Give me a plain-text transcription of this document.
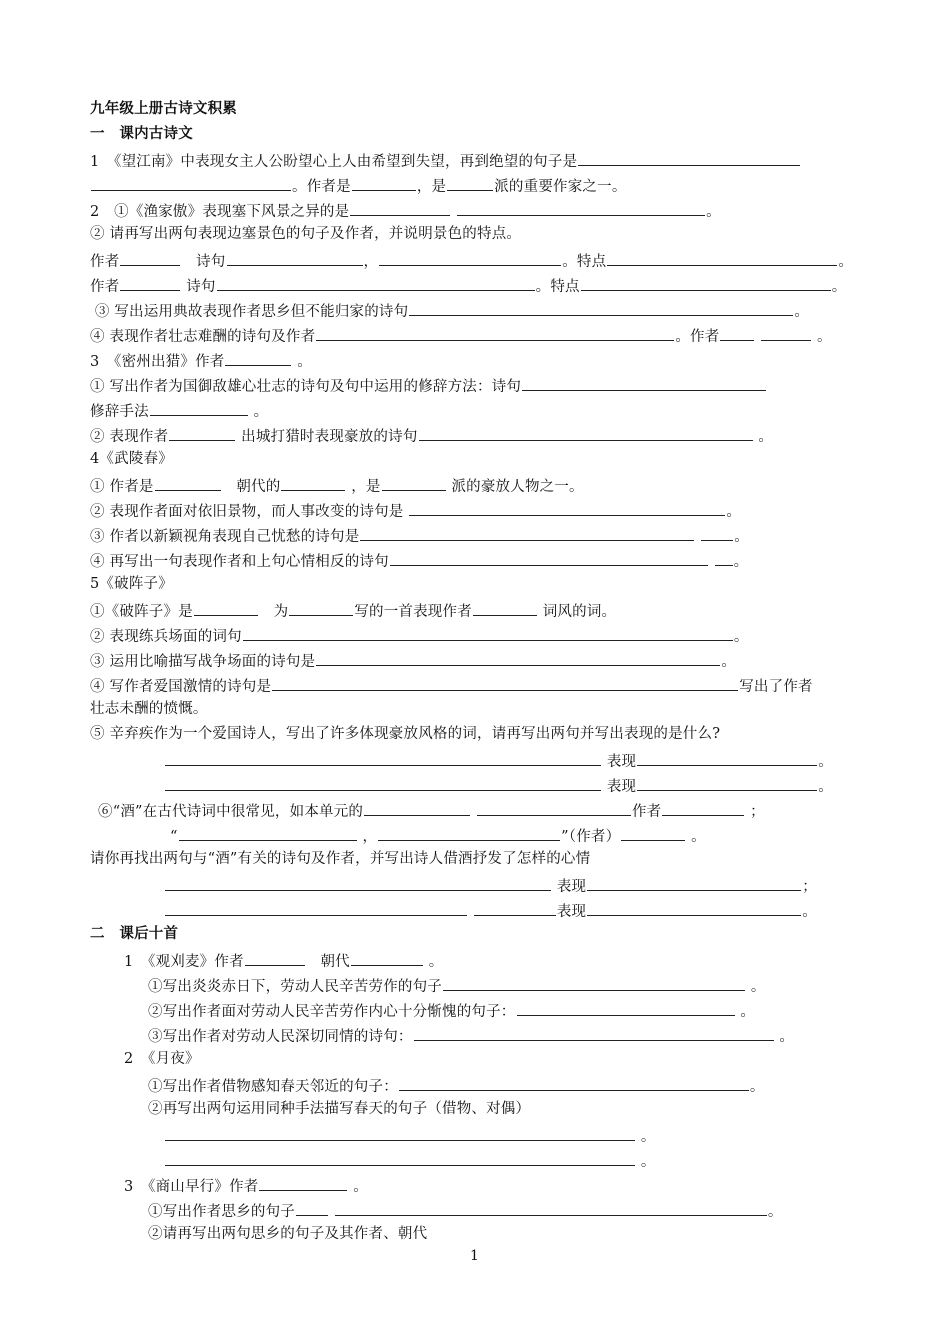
九年级上册古诗文积累
一　课内古诗文
1　《望江南》中表现女主人公盼望心上人由希望到失望，再到绝望的句子是
。作者是	，是	派的重要作家之一。
2　①《渔家傲》表现塞下风景之异的是	。
② 请再写出两句表现边塞景色的句子及作者，并说明景色的特点。
作者　	诗句	，	。特点	。
作者	诗句	。特点	。
③ 写出运用典故表现作者思乡但不能归家的诗句	。
④ 表现作者壮志难酬的诗句及作者	。作者	。
3　《密州出猎》作者	。
① 写出作者为国御敌雄心壮志的诗句及句中运用的修辞方法：诗句
修辞手法	。
② 表现作者	出城打猎时表现豪放的诗句	。
4《武陵春》
① 作者是　	朝代的	，是	派的豪放人物之一。
② 表现作者面对依旧景物，而人事改变的诗句是	。
③ 作者以新颖视角表现自己忧愁的诗句是	。
④ 再写出一句表现作者和上句心情相反的诗句	。
5《破阵子》
①《破阵子》是　	为	写的一首表现作者	词风的词。
② 表现练兵场面的词句	。
③ 运用比喻描写战争场面的诗句是	。
④ 写作者爱国激情的诗句是	写出了作者
壮志未酬的愤慨。
⑤ 辛弃疾作为一个爱国诗人，写出了许多体现豪放风格的词，请再写出两句并写出表现的是什么?
表现	。
表现	。
⑥“酒”在古代诗词中很常见，如本单元的	作者	；
“	，	”（作者）	。
请你再找出两句与“酒”有关的诗句及作者，并写出诗人借酒抒发了怎样的心情
表现	；
表现	。
二　课后十首
1　《观刈麦》作者　	朝代	。
①写出炎炎赤日下，劳动人民辛苦劳作的句子	。
②写出作者面对劳动人民辛苦劳作内心十分惭愧的句子：	。
③写出作者对劳动人民深切同情的诗句：	。
2　《月夜》
①写出作者借物感知春天邻近的句子：	。
②再写出两句运用同种手法描写春天的句子（借物、对偶）
。
。
3　《商山早行》作者	。
①写出作者思乡的句子	。
②请再写出两句思乡的句子及其作者、朝代
1
